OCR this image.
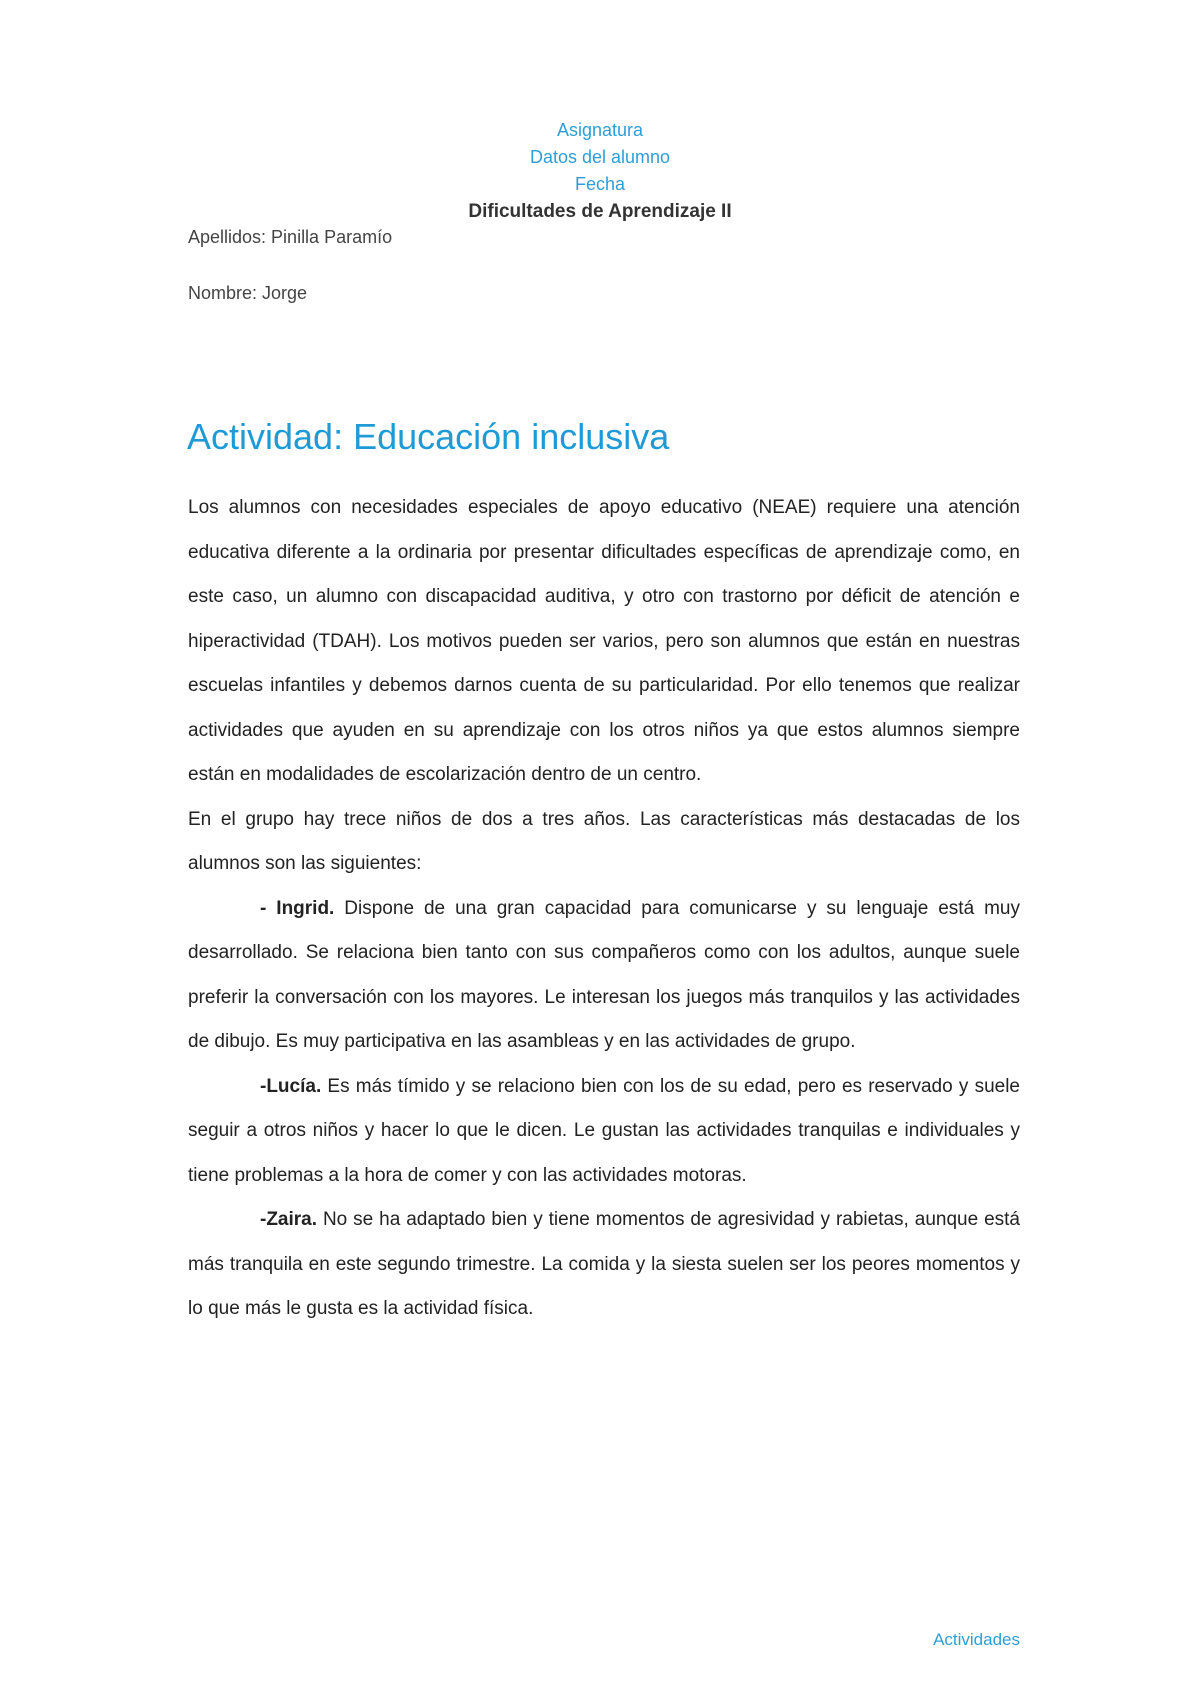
Asignatura
Datos del alumno
Fecha
Dificultades de Aprendizaje II
Apellidos: Pinilla Paramío
Nombre: Jorge
Actividad: Educación inclusiva

Los alumnos con necesidades especiales de apoyo educativo (NEAE) requiere una atención educativa diferente a la ordinaria por presentar dificultades específicas de aprendizaje como, en este caso, un alumno con discapacidad auditiva, y otro con trastorno por déficit de atención e hiperactividad (TDAH). Los motivos pueden ser varios, pero son alumnos que están en nuestras escuelas infantiles y debemos darnos cuenta de su particularidad. Por ello tenemos que realizar actividades que ayuden en su aprendizaje con los otros niños ya que estos alumnos siempre están en modalidades de escolarización dentro de un centro.

En el grupo hay trece niños de dos a tres años. Las características más destacadas de los alumnos son las siguientes:

- Ingrid. Dispone de una gran capacidad para comunicarse y su lenguaje está muy desarrollado. Se relaciona bien tanto con sus compañeros como con los adultos, aunque suele preferir la conversación con los mayores. Le interesan los juegos más tranquilos y las actividades de dibujo. Es muy participativa en las asambleas y en las actividades de grupo.

-Lucía. Es más tímido y se relaciono bien con los de su edad, pero es reservado y suele seguir a otros niños y hacer lo que le dicen. Le gustan las actividades tranquilas e individuales y tiene problemas a la hora de comer y con las actividades motoras.

-Zaira. No se ha adaptado bien y tiene momentos de agresividad y rabietas, aunque está más tranquila en este segundo trimestre. La comida y la siesta suelen ser los peores momentos y lo que más le gusta es la actividad física.

Actividades
